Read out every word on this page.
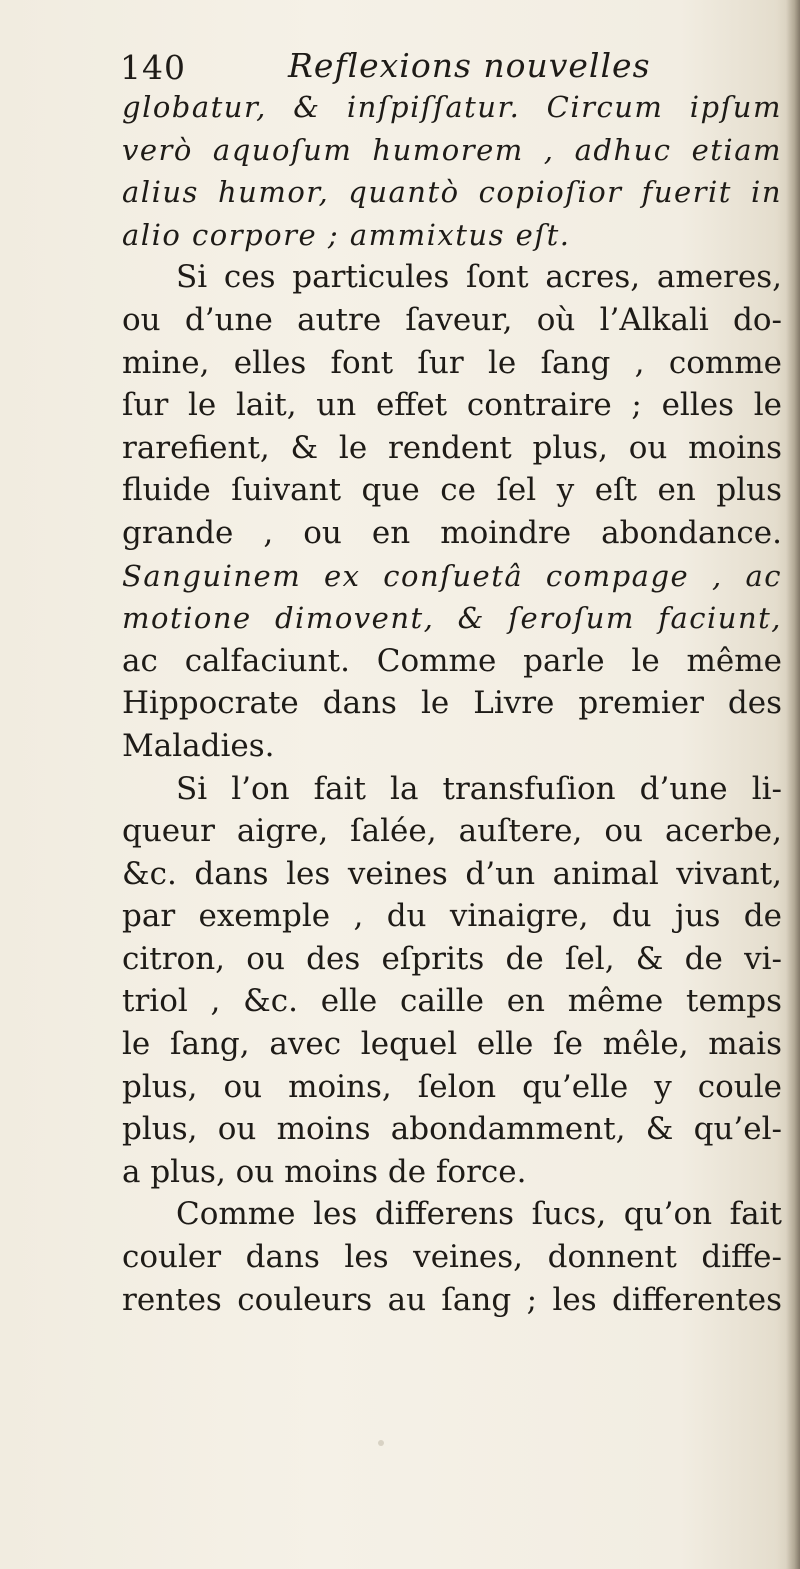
140	Reflexions nouvelles
globatur, & inſpiſſatur. Circum ipſum
verò aquoſum humorem , adhuc etiam
alius humor, quantò copioſior fuerit in
alio corpore ; ammixtus eſt.
Si ces particules ſont acres, ameres,
ou d’une autre ſaveur, où l’Alkali do-
mine, elles font ſur le ſang , comme
ſur le lait, un effet contraire ; elles le
rarefient, & le rendent plus, ou moins
fluide ſuivant que ce ſel y eſt en plus
grande , ou en moindre abondance.
Sanguinem ex conſuetâ compage , ac
motione dimovent, & ſeroſum faciunt,
ac calfaciunt. Comme parle le même
Hippocrate dans le Livre premier des
Maladies.
Si l’on fait la transfuſion d’une li-
queur aigre, ſalée, auſtere, ou acerbe,
&c. dans les veines d’un animal vivant,
par exemple , du vinaigre, du jus de
citron, ou des eſprits de ſel, & de vi-
triol , &c. elle caille en même temps
le ſang, avec lequel elle ſe mêle, mais
plus, ou moins, ſelon qu’elle y coule
plus, ou moins abondamment, & qu’el-
a plus, ou moins de force.
Comme les differens ſucs, qu’on fait
couler dans les veines, donnent diffe-
rentes couleurs au ſang ; les differentes
